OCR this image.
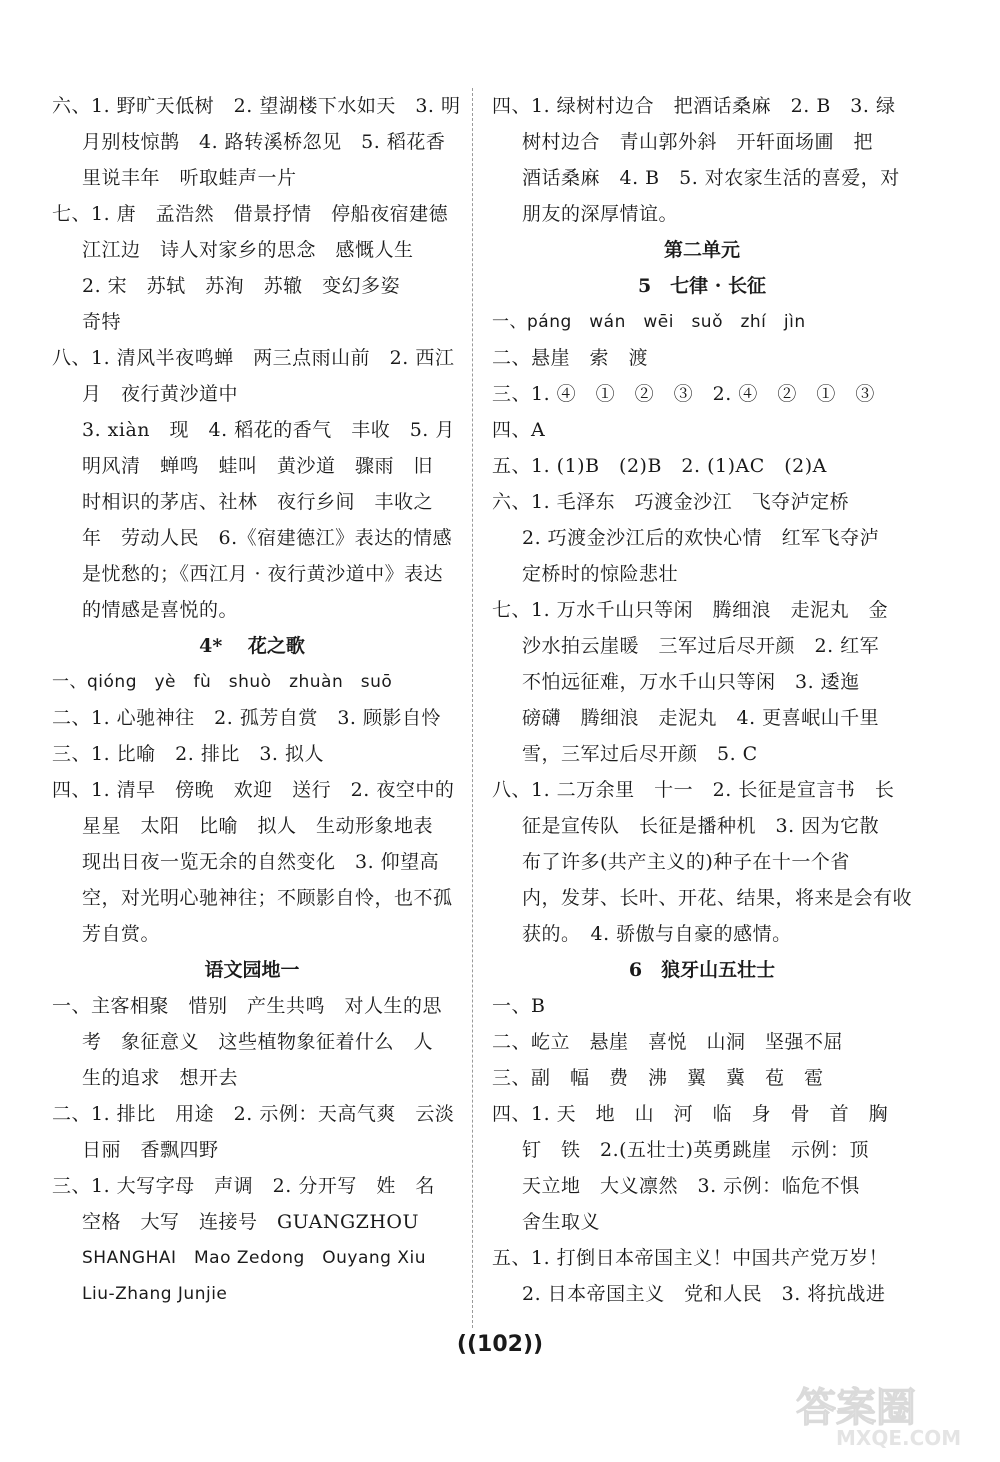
六、1. 野旷天低树　2. 望湖楼下水如天　3. 明
月别枝惊鹊　4. 路转溪桥忽见　5. 稻花香
里说丰年　听取蛙声一片
七、1. 唐　孟浩然　借景抒情　停船夜宿建德
江江边　诗人对家乡的思念　感慨人生
2. 宋　苏轼　苏洵　苏辙　变幻多姿
奇特
八、1. 清风半夜鸣蝉　两三点雨山前　2. 西江
月　夜行黄沙道中
3. xiàn　现　4. 稻花的香气　丰收　5. 月
明风清　蝉鸣　蛙叫　黄沙道　骤雨　旧
时相识的茅店、社林　夜行乡间　丰收之
年　劳动人民　6.《宿建德江》表达的情感
是忧愁的；《西江月 · 夜行黄沙道中》表达
的情感是喜悦的。
4* 　花之歌
一、qióng　yè　fù　shuò　zhuàn　suō
二、1. 心驰神往　2. 孤芳自赏　3. 顾影自怜
三、1. 比喻　2. 排比　3. 拟人
四、1. 清早　傍晚　欢迎　送行　2. 夜空中的
星星　太阳　比喻　拟人　生动形象地表
现出日夜一览无余的自然变化　3. 仰望高
空，对光明心驰神往；不顾影自怜，也不孤
芳自赏。
语文园地一
一、主客相聚　惜别　产生共鸣　对人生的思
考　象征意义　这些植物象征着什么　人
生的追求　想开去
二、1. 排比　用途　2. 示例：天高气爽　云淡
日丽　香飘四野
三、1. 大写字母　声调　2. 分开写　姓　名
空格　大写　连接号　GUANGZHOU
SHANGHAI　Mao Zedong　Ouyang Xiu
Liu-Zhang Junjie
四、1. 绿树村边合　把酒话桑麻　2. B　3. 绿
树村边合　青山郭外斜　开轩面场圃　把
酒话桑麻　4. B　5. 对农家生活的喜爱，对
朋友的深厚情谊。
第二单元
5　七律 · 长征
一、páng　wán　wēi　suǒ　zhí　jìn
二、悬崖　索　渡
三、1. ④　①　②　③　2. ④　②　①　③
四、A
五、1. (1)B　(2)B　2. (1)AC　(2)A
六、1. 毛泽东　巧渡金沙江　飞夺泸定桥
2. 巧渡金沙江后的欢快心情　红军飞夺泸
定桥时的惊险悲壮
七、1. 万水千山只等闲　腾细浪　走泥丸　金
沙水拍云崖暖　三军过后尽开颜　2. 红军
不怕远征难，万水千山只等闲　3. 逶迤
磅礴　腾细浪　走泥丸　4. 更喜岷山千里
雪，三军过后尽开颜　5. C
八、1. 二万余里　十一　2. 长征是宣言书　长
征是宣传队　长征是播种机　3. 因为它散
布了许多(共产主义的)种子在十一个省
内，发芽、长叶、开花、结果，将来是会有收
获的。　4. 骄傲与自豪的感情。
6　狼牙山五壮士
一、B
二、屹立　悬崖　喜悦　山洞　坚强不屈
三、副　幅　费　沸　翼　冀　苞　雹
四、1. 天　地　山　河　临　身　骨　首　胸
钉　铁　2.(五壮士)英勇跳崖　示例：顶
天立地　大义凛然　3. 示例：临危不惧
舍生取义
五、1. 打倒日本帝国主义！中国共产党万岁！
2. 日本帝国主义　党和人民　3. 将抗战进
((102))
答案圈
MXQE.COM
